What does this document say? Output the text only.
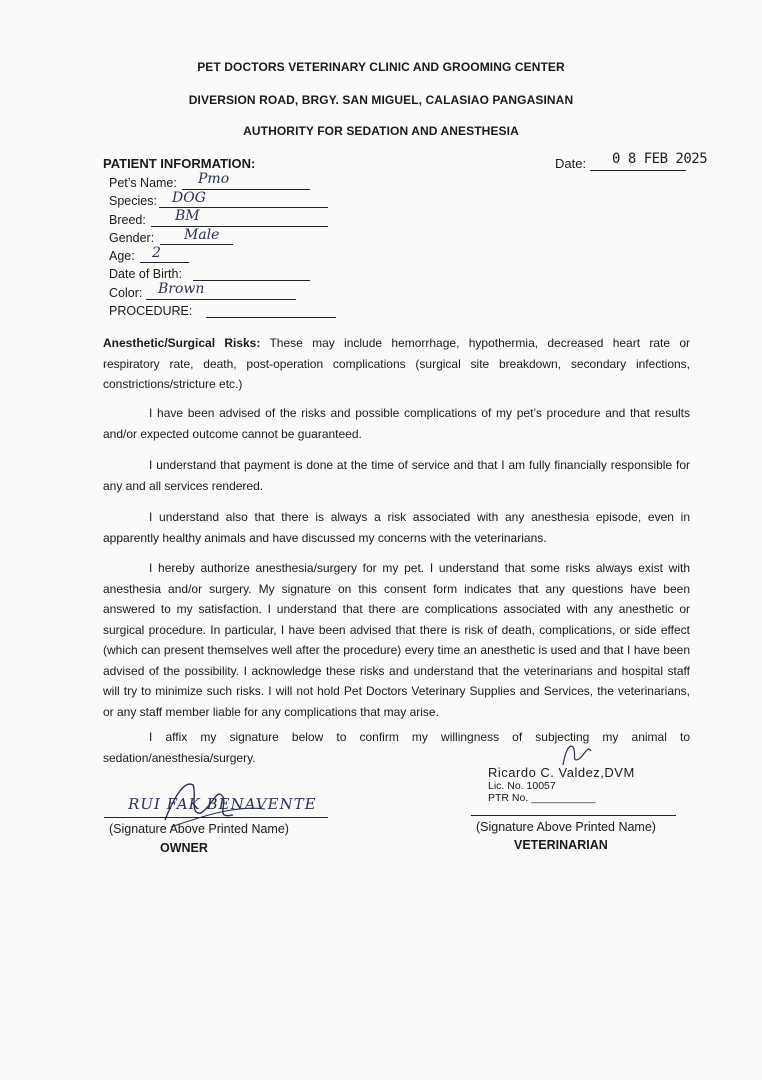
PET DOCTORS VETERINARY CLINIC AND GROOMING CENTER
DIVERSION ROAD, BRGY. SAN MIGUEL, CALASIAO PANGASINAN
AUTHORITY FOR SEDATION AND ANESTHESIA
PATIENT INFORMATION:	Date: 0 8 FEB 2025
Pet’s Name: Pmo
Species: DOG
Breed: BM
Gender: Male
Age: 2
Date of Birth:
Color: Brown
PROCEDURE:
Anesthetic/Surgical Risks: These may include hemorrhage, hypothermia, decreased heart rate or respiratory rate, death, post-operation complications (surgical site breakdown, secondary infections, constrictions/stricture etc.)
I have been advised of the risks and possible complications of my pet’s procedure and that results and/or expected outcome cannot be guaranteed.
I understand that payment is done at the time of service and that I am fully financially responsible for any and all services rendered.
I understand also that there is always a risk associated with any anesthesia episode, even in apparently healthy animals and have discussed my concerns with the veterinarians.
I hereby authorize anesthesia/surgery for my pet. I understand that some risks always exist with anesthesia and/or surgery. My signature on this consent form indicates that any questions have been answered to my satisfaction. I understand that there are complications associated with any anesthetic or surgical procedure. In particular, I have been advised that there is risk of death, complications, or side effect (which can present themselves well after the procedure) every time an anesthetic is used and that I have been advised of the possibility. I acknowledge these risks and understand that the veterinarians and hospital staff will try to minimize such risks. I will not hold Pet Doctors Veterinary Supplies and Services, the veterinarians, or any staff member liable for any complications that may arise.
I affix my signature below to confirm my willingness of subjecting my animal to sedation/anesthesia/surgery.
RUI FAK BENAVENTE
(Signature Above Printed Name)
OWNER
Ricardo C. Valdez,DVM
Lic. No. 10057
PTR No. ___________
(Signature Above Printed Name)
VETERINARIAN
